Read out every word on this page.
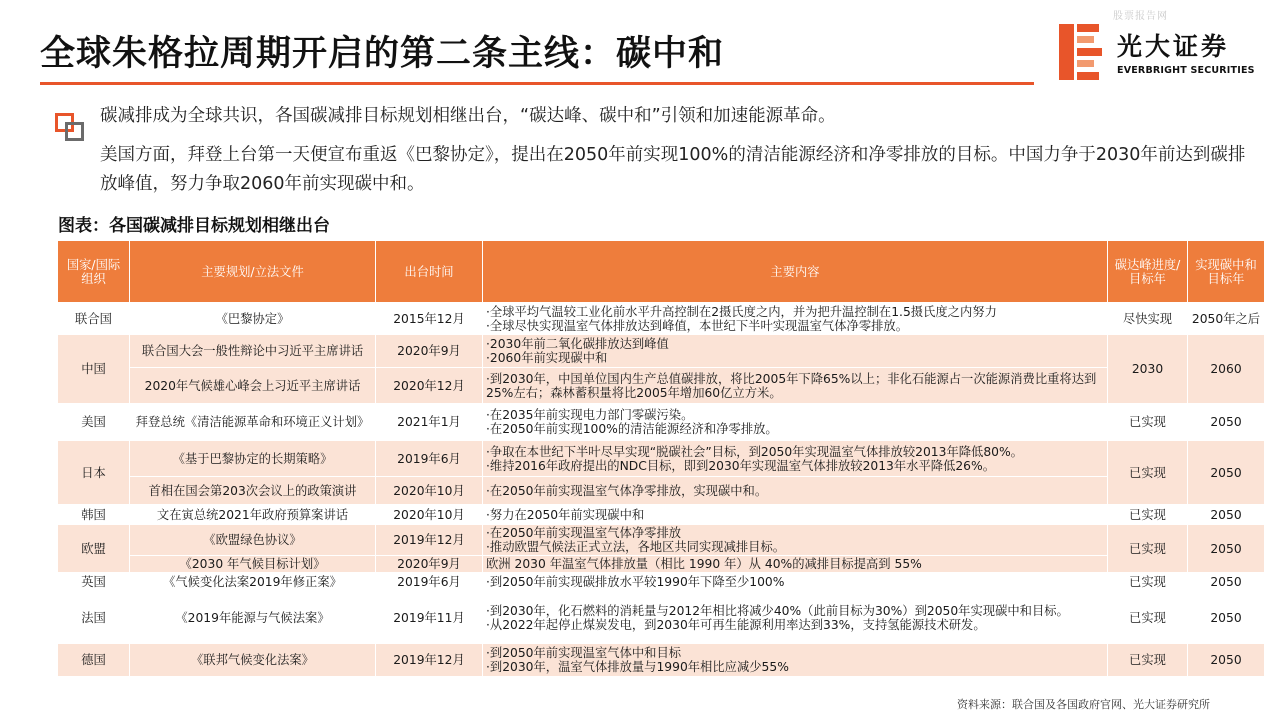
股票报告网
全球朱格拉周期开启的第二条主线：碳中和	光大证券
EVERBRIGHT SECURITIES
碳减排成为全球共识，各国碳减排目标规划相继出台，“碳达峰、碳中和”引领和加速能源革命。
美国方面，拜登上台第一天便宣布重返《巴黎协定》，提出在2050年前实现100%的清洁能源经济和净零排放的目标。中国力争于2030年前达到碳排放峰值，努力争取2060年前实现碳中和。
图表：各国碳减排目标规划相继出台
国家/国际组织	主要规划/立法文件	出台时间	主要内容	碳达峰进度/目标年	实现碳中和目标年
联合国	《巴黎协定》	2015年12月	·全球平均气温较工业化前水平升高控制在2摄氏度之内，并为把升温控制在1.5摄氏度之内努力
·全球尽快实现温室气体排放达到峰值，本世纪下半叶实现温室气体净零排放。	尽快实现	2050年之后
中国	联合国大会一般性辩论中习近平主席讲话	2020年9月	·2030年前二氧化碳排放达到峰值
·2060年前实现碳中和	2030	2060
	2020年气候雄心峰会上习近平主席讲话	2020年12月	·到2030年，中国单位国内生产总值碳排放，将比2005年下降65%以上；非化石能源占一次能源消费比重将达到25%左右；森林蓄积量将比2005年增加60亿立方米。		

美国	拜登总统《清洁能源革命和环境正义计划》	2021年1月	·在2035年前实现电力部门零碳污染。
·在2050年前实现100%的清洁能源经济和净零排放。	已实现	2050
日本	《基于巴黎协定的长期策略》	2019年6月	·争取在本世纪下半叶尽早实现“脱碳社会”目标，到2050年实现温室气体排放较2013年降低80%。
·维持2016年政府提出的NDC目标，即到2030年实现温室气体排放较2013年水平降低26%。	已实现	2050
	首相在国会第203次会议上的政策演讲	2020年10月	·在2050年前实现温室气体净零排放，实现碳中和。		

韩国	文在寅总统2021年政府预算案讲话	2020年10月	·努力在2050年前实现碳中和	已实现	2050
欧盟	《欧盟绿色协议》	2019年12月	·在2050年前实现温室气体净零排放
·推动欧盟气候法正式立法，各地区共同实现减排目标。	已实现	2050
	《2030 年气候目标计划》	2020年9月	欧洲 2030 年温室气体排放量（相比 1990 年）从 40%的减排目标提高到 55%		

英国	《气候变化法案2019年修正案》	2019年6月	·到2050年前实现碳排放水平较1990年下降至少100%	已实现	2050
法国	《2019年能源与气候法案》	2019年11月	·到2030年，化石燃料的消耗量与2012年相比将减少40%（此前目标为30%）到2050年实现碳中和目标。
·从2022年起停止煤炭发电，到2030年可再生能源利用率达到33%，支持氢能源技术研发。	已实现	2050
德国	《联邦气候变化法案》	2019年12月	·到2050年前实现温室气体中和目标
·到2030年，温室气体排放量与1990年相比应减少55%	已实现	2050
资料来源：联合国及各国政府官网、光大证券研究所
